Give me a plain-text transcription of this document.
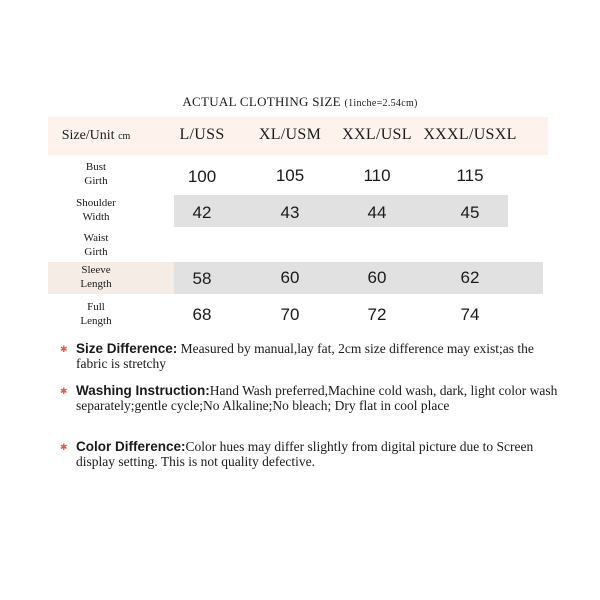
ACTUAL CLOTHING SIZE (1inche=2.54cm)
Size/Unit cm	L/USS	XL/USM	XXL/USL XXXL/USXL
Bust
Girth	100	105	110	115
Shoulder
Width	42	43	44	45
Waist
Girth
Sleeve
Length	58	60	60	62
Full
Length	68	70	72	74
✱ Size Difference: Measured by manual,lay fat, 2cm size difference may exist;as the fabric is stretchy
✱ Washing Instruction:Hand Wash preferred,Machine cold wash, dark, light color wash separately;gentle cycle;No Alkaline;No bleach; Dry flat in cool place
✱ Color Difference:Color hues may differ slightly from digital picture due to Screen display setting. This is not quality defective.
